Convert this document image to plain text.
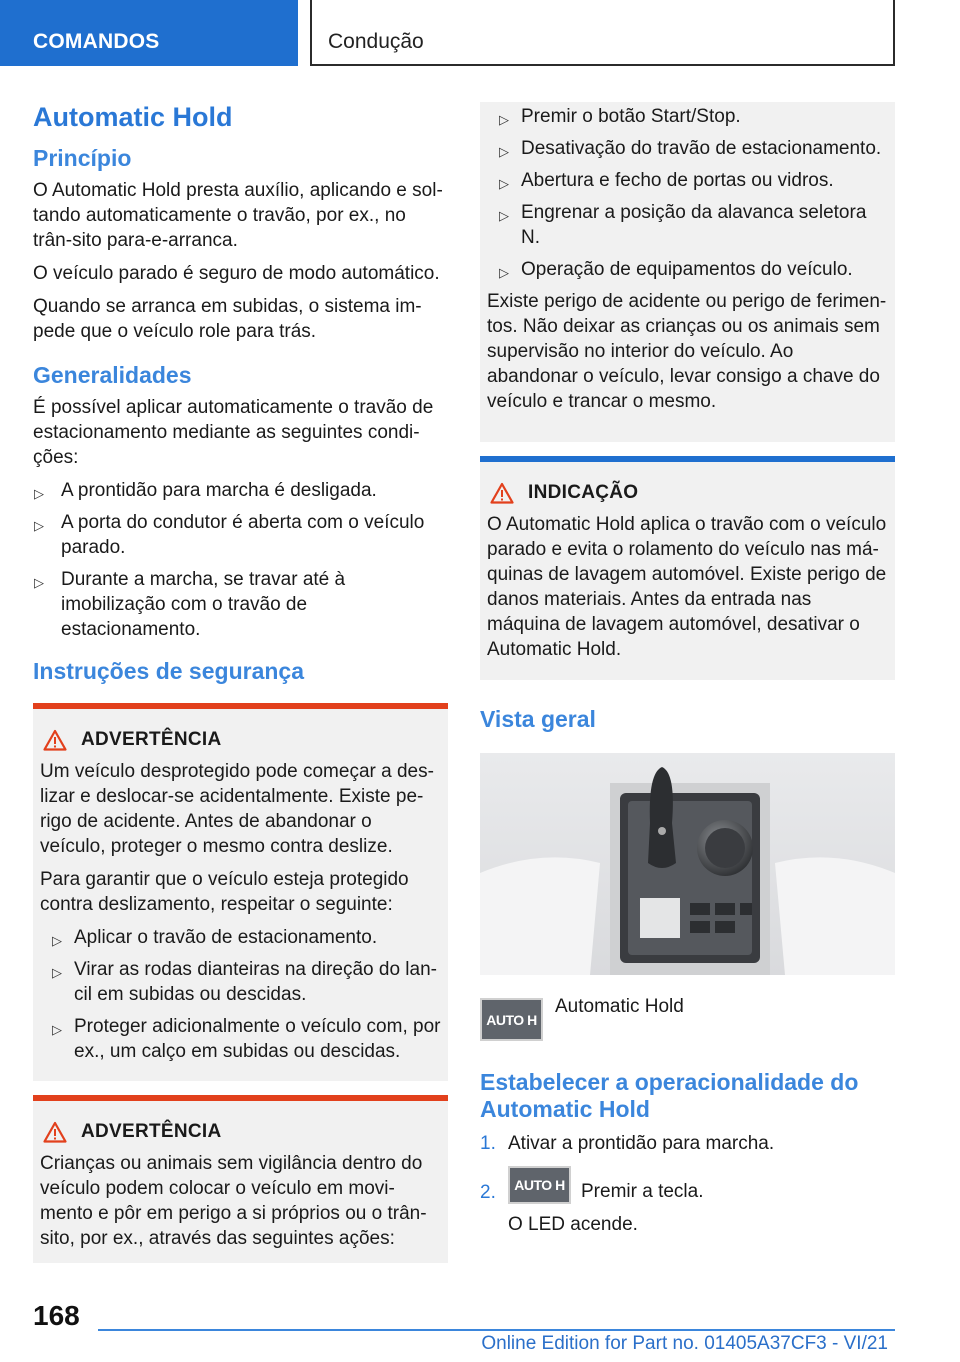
COMANDOS	Condução
Automatic Hold
Princípio

O Automatic Hold presta auxílio, aplicando e sol-tando automaticamente o travão, por ex., no trân-sito para-e-arranca.

O veículo parado é seguro de modo automático.

Quando se arranca em subidas, o sistema im-pede que o veículo role para trás.

Generalidades

É possível aplicar automaticamente o travão de estacionamento mediante as seguintes condi-ções:

▷ A prontidão para marcha é desligada.
▷ A porta do condutor é aberta com o veículo parado.
▷ Durante a marcha, se travar até à imobilização com o travão de estacionamento.
Instruções de segurança
ADVERTÊNCIA

Um veículo desprotegido pode começar a des-lizar e deslocar-se acidentalmente. Existe pe-rigo de acidente. Antes de abandonar o veículo, proteger o mesmo contra deslize.

Para garantir que o veículo esteja protegido contra deslizamento, respeitar o seguinte:

▷ Aplicar o travão de estacionamento.
▷ Virar as rodas dianteiras na direção do lan-cil em subidas ou descidas.
▷ Proteger adicionalmente o veículo com, por ex., um calço em subidas ou descidas.
ADVERTÊNCIA

Crianças ou animais sem vigilância dentro do veículo podem colocar o veículo em movi-mento e pôr em perigo a si próprios ou o trân-sito, por ex., através das seguintes ações:

▷ Premir o botão Start/Stop.
▷ Desativação do travão de estacionamento.
▷ Abertura e fecho de portas ou vidros.
▷ Engrenar a posição da alavanca seletora N.
▷ Operação de equipamentos do veículo.

Existe perigo de acidente ou perigo de ferimen-tos. Não deixar as crianças ou os animais sem supervisão no interior do veículo. Ao abandonar o veículo, levar consigo a chave do veículo e trancar o mesmo.

INDICAÇÃO

O Automatic Hold aplica o travão com o veículo parado e evita o rolamento do veículo nas má-quinas de lavagem automóvel. Existe perigo de danos materiais. Antes da entrada nas máquina de lavagem automóvel, desativar o Automatic Hold.

Vista geral
AUTO H
Automatic Hold
Estabelecer a operacionalidade do Automatic Hold
1. Ativar a prontidão para marcha.
2.	AUTO H Premir a tecla.
O LED acende.
168
Online Edition for Part no. 01405A37CF3 - VI/21
